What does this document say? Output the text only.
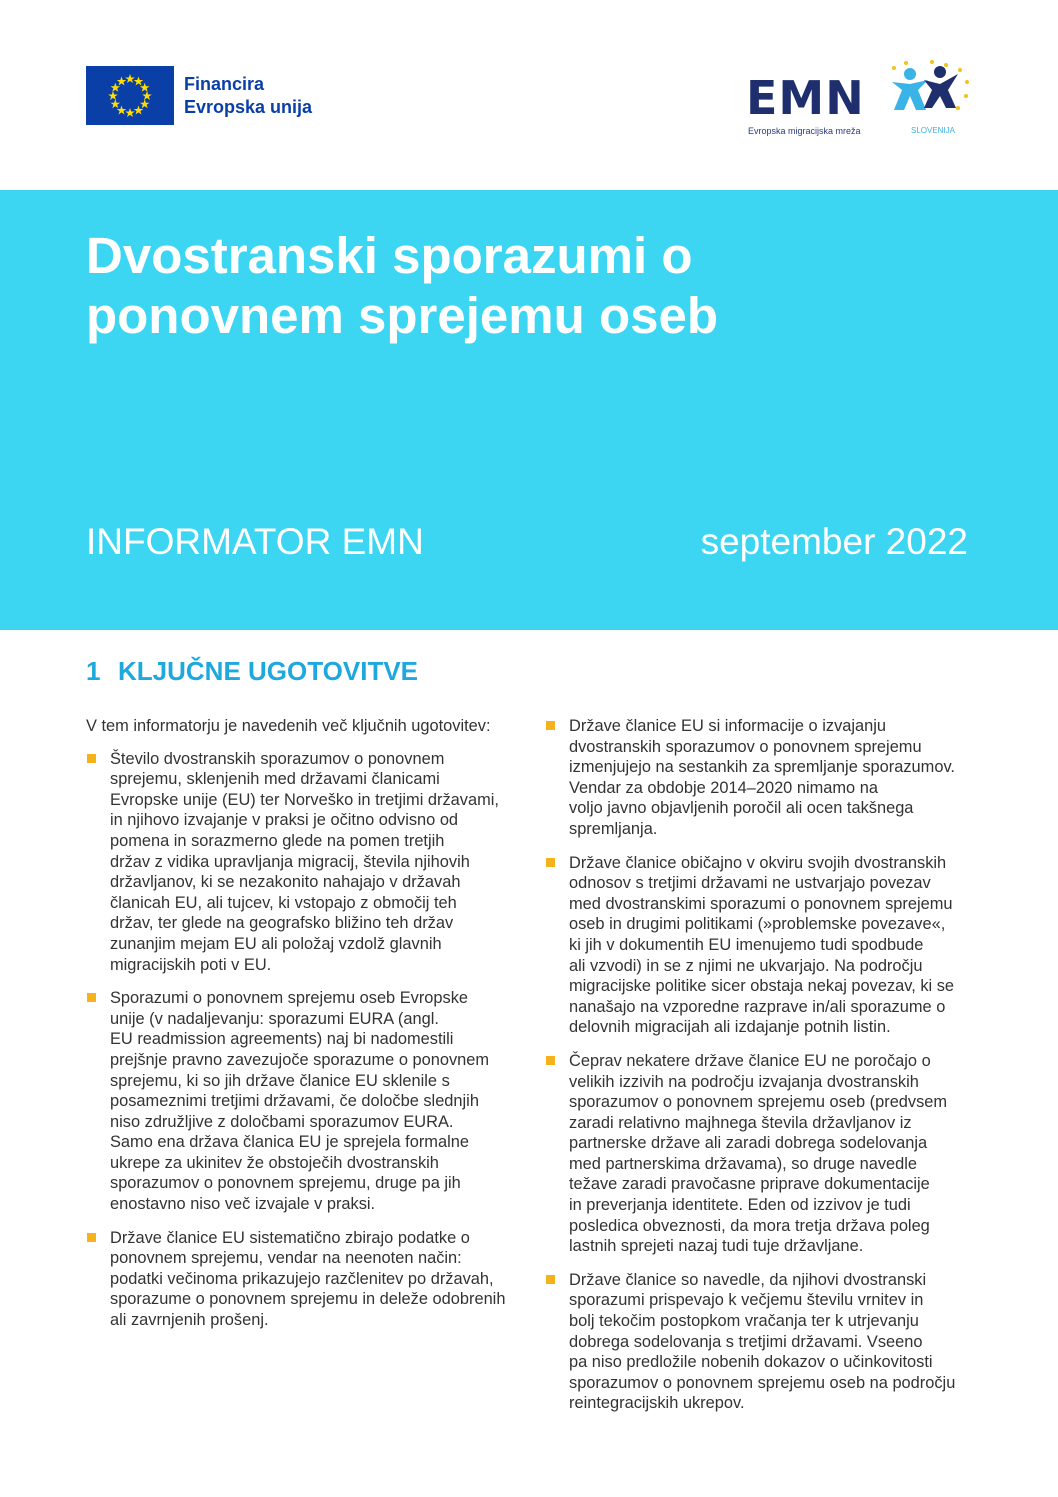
Financira
Evropska unija	EMN
Evropska migracijska mreža	SLOVENIJA
Dvostranski sporazumi o
ponovnem sprejemu oseb
INFORMATOR EMN	september 2022
1 KLJUČNE UGOTOVITVE
V tem informatorju je navedenih več ključnih ugotovitev:
Število dvostranskih sporazumov o ponovnem
sprejemu, sklenjenih med državami članicami
Evropske unije (EU) ter Norveško in tretjimi državami,
in njihovo izvajanje v praksi je očitno odvisno od
pomena in sorazmerno glede na pomen tretjih
držav z vidika upravljanja migracij, števila njihovih
državljanov, ki se nezakonito nahajajo v državah
članicah EU, ali tujcev, ki vstopajo z območij teh
držav, ter glede na geografsko bližino teh držav
zunanjim mejam EU ali položaj vzdolž glavnih
migracijskih poti v EU.
Sporazumi o ponovnem sprejemu oseb Evropske
unije (v nadaljevanju: sporazumi EURA (angl.
EU readmission agreements) naj bi nadomestili
prejšnje pravno zavezujoče sporazume o ponovnem
sprejemu, ki so jih države članice EU sklenile s
posameznimi tretjimi državami, če določbe slednjih
niso združljive z določbami sporazumov EURA.
Samo ena država članica EU je sprejela formalne
ukrepe za ukinitev že obstoječih dvostranskih
sporazumov o ponovnem sprejemu, druge pa jih
enostavno niso več izvajale v praksi.
Države članice EU sistematično zbirajo podatke o
ponovnem sprejemu, vendar na neenoten način:
podatki večinoma prikazujejo razčlenitev po državah,
sporazume o ponovnem sprejemu in deleže odobrenih
ali zavrnjenih prošenj.
Države članice EU si informacije o izvajanju
dvostranskih sporazumov o ponovnem sprejemu
izmenjujejo na sestankih za spremljanje sporazumov.
Vendar za obdobje 2014–2020 nimamo na
voljo javno objavljenih poročil ali ocen takšnega
spremljanja.
Države članice običajno v okviru svojih dvostranskih
odnosov s tretjimi državami ne ustvarjajo povezav
med dvostranskimi sporazumi o ponovnem sprejemu
oseb in drugimi politikami (»problemske povezave«,
ki jih v dokumentih EU imenujemo tudi spodbude
ali vzvodi) in se z njimi ne ukvarjajo. Na področju
migracijske politike sicer obstaja nekaj povezav, ki se
nanašajo na vzporedne razprave in/ali sporazume o
delovnih migracijah ali izdajanje potnih listin.
Čeprav nekatere države članice EU ne poročajo o
velikih izzivih na področju izvajanja dvostranskih
sporazumov o ponovnem sprejemu oseb (predvsem
zaradi relativno majhnega števila državljanov iz
partnerske države ali zaradi dobrega sodelovanja
med partnerskima državama), so druge navedle
težave zaradi pravočasne priprave dokumentacije
in preverjanja identitete. Eden od izzivov je tudi
posledica obveznosti, da mora tretja država poleg
lastnih sprejeti nazaj tudi tuje državljane.
Države članice so navedle, da njihovi dvostranski
sporazumi prispevajo k večjemu številu vrnitev in
bolj tekočim postopkom vračanja ter k utrjevanju
dobrega sodelovanja s tretjimi državami. Vseeno
pa niso predložile nobenih dokazov o učinkovitosti
sporazumov o ponovnem sprejemu oseb na področju
reintegracijskih ukrepov.
